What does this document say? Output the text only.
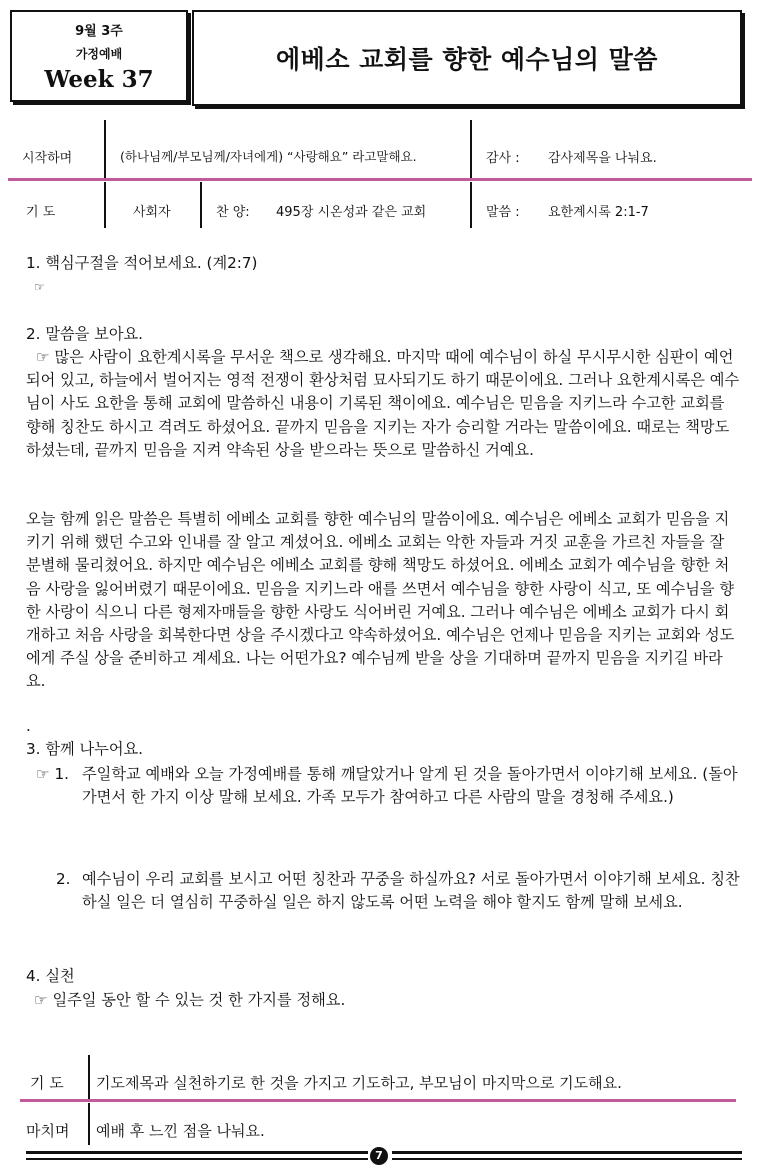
9월 3주
가정예배
Week 37
에베소 교회를 향한 예수님의 말씀
시작하며	(하나님께/부모님께/자녀에게) “사랑해요” 라고말해요.	감사 : 감사제목을 나눠요.
기 도	사회자	찬 양: 495장 시온성과 같은 교회	말씀 : 요한계시록 2:1-7
1. 핵심구절을 적어보세요. (계2:7)
☞
2. 말씀을 보아요.
☞ 많은 사람이 요한계시록을 무서운 책으로 생각해요. 마지막 때에 예수님이 하실 무시무시한 심판이 예언되어 있고, 하늘에서 벌어지는 영적 전쟁이 환상처럼 묘사되기도 하기 때문이에요. 그러나 요한계시록은 예수님이 사도 요한을 통해 교회에 말씀하신 내용이 기록된 책이에요. 예수님은 믿음을 지키느라 수고한 교회를 향해 칭찬도 하시고 격려도 하셨어요. 끝까지 믿음을 지키는 자가 승리할 거라는 말씀이에요. 때로는 책망도 하셨는데, 끝까지 믿음을 지켜 약속된 상을 받으라는 뜻으로 말씀하신 거예요.
오늘 함께 읽은 말씀은 특별히 에베소 교회를 향한 예수님의 말씀이에요. 예수님은 에베소 교회가 믿음을 지키기 위해 했던 수고와 인내를 잘 알고 계셨어요. 에베소 교회는 악한 자들과 거짓 교훈을 가르친 자들을 잘 분별해 물리쳤어요. 하지만 예수님은 에베소 교회를 향해 책망도 하셨어요. 에베소 교회가 예수님을 향한 처음 사랑을 잃어버렸기 때문이에요. 믿음을 지키느라 애를 쓰면서 예수님을 향한 사랑이 식고, 또 예수님을 향한 사랑이 식으니 다른 형제자매들을 향한 사랑도 식어버린 거예요. 그러나 예수님은 에베소 교회가 다시 회개하고 처음 사랑을 회복한다면 상을 주시겠다고 약속하셨어요. 예수님은 언제나 믿음을 지키는 교회와 성도에게 주실 상을 준비하고 계세요. 나는 어떤가요? 예수님께 받을 상을 기대하며 끝까지 믿음을 지키길 바라요.
.
3. 함께 나누어요.
☞ 1. 주일학교 예배와 오늘 가정예배를 통해 깨달았거나 알게 된 것을 돌아가면서 이야기해 보세요. (돌아가면서 한 가지 이상 말해 보세요. 가족 모두가 참여하고 다른 사람의 말을 경청해 주세요.)
2. 예수님이 우리 교회를 보시고 어떤 칭찬과 꾸중을 하실까요? 서로 돌아가면서 이야기해 보세요. 칭찬하실 일은 더 열심히 꾸중하실 일은 하지 않도록 어떤 노력을 해야 할지도 함께 말해 보세요.
4. 실천
☞ 일주일 동안 할 수 있는 것 한 가지를 정해요.
기 도 기도제목과 실천하기로 한 것을 가지고 기도하고, 부모님이 마지막으로 기도해요.
마치며 예배 후 느낀 점을 나눠요.
7
